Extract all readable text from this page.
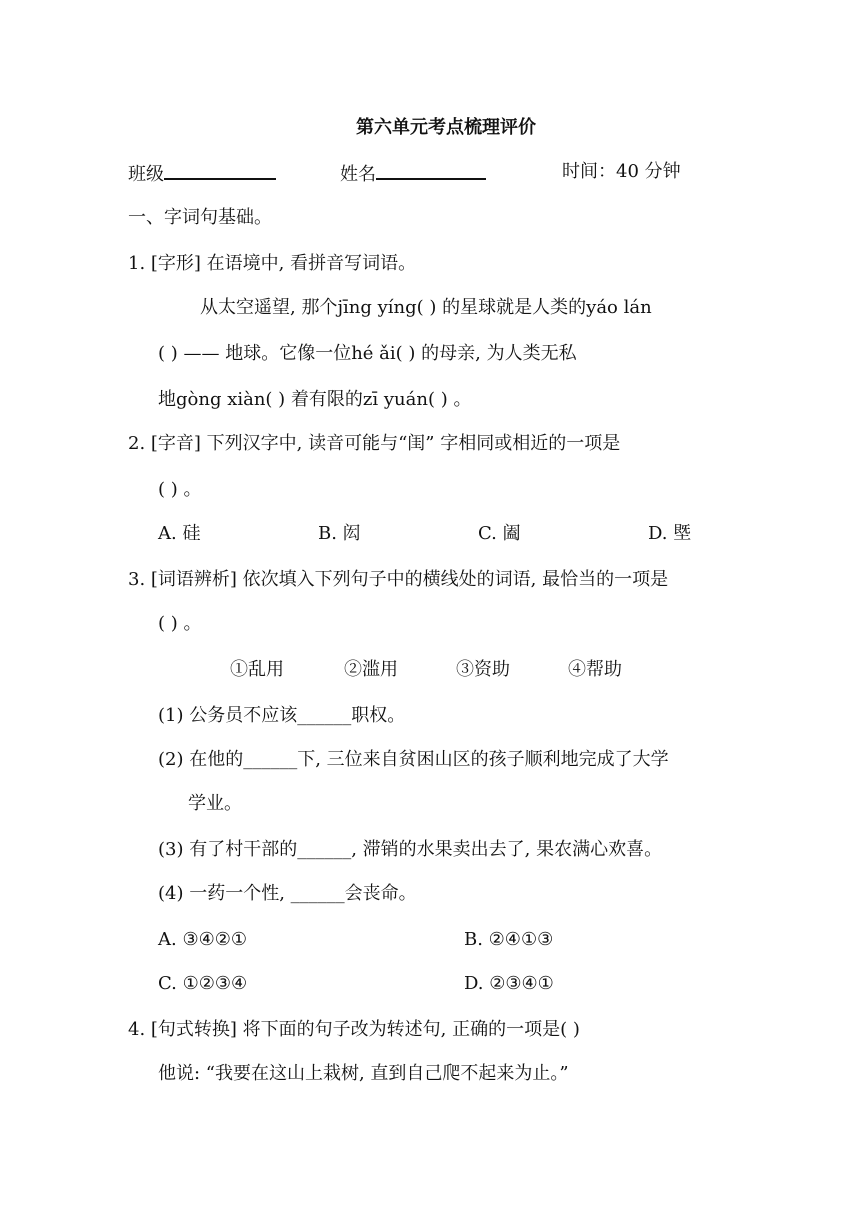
第六单元考点梳理评价
班级	姓名	时间：40 分钟
一、字词句基础。
1. [字形] 在语境中, 看拼音写词语。
从太空遥望, 那个jīng yíng( ) 的星球就是人类的yáo lán
( ) —— 地球。它像一位hé ǎi( ) 的母亲, 为人类无私
地gòng xiàn( ) 着有限的zī yuán( ) 。
2. [字音] 下列汉字中, 读音可能与“闺” 字相同或相近的一项是
( ) 。
A. 硅	B. 闳	C. 阖	D. 塈
3. [词语辨析] 依次填入下列句子中的横线处的词语, 最恰当的一项是
( ) 。
①乱用	②滥用	③资助	④帮助
(1) 公务员不应该______职权。
(2) 在他的______下, 三位来自贫困山区的孩子顺利地完成了大学
学业。
(3) 有了村干部的______, 滞销的水果卖出去了, 果农满心欢喜。
(4) 一药一个性, ______会丧命。
A. ③④②①	B. ②④①③
C. ①②③④	D. ②③④①
4. [句式转换] 将下面的句子改为转述句, 正确的一项是( )
他说: “我要在这山上栽树, 直到自己爬不起来为止。”
